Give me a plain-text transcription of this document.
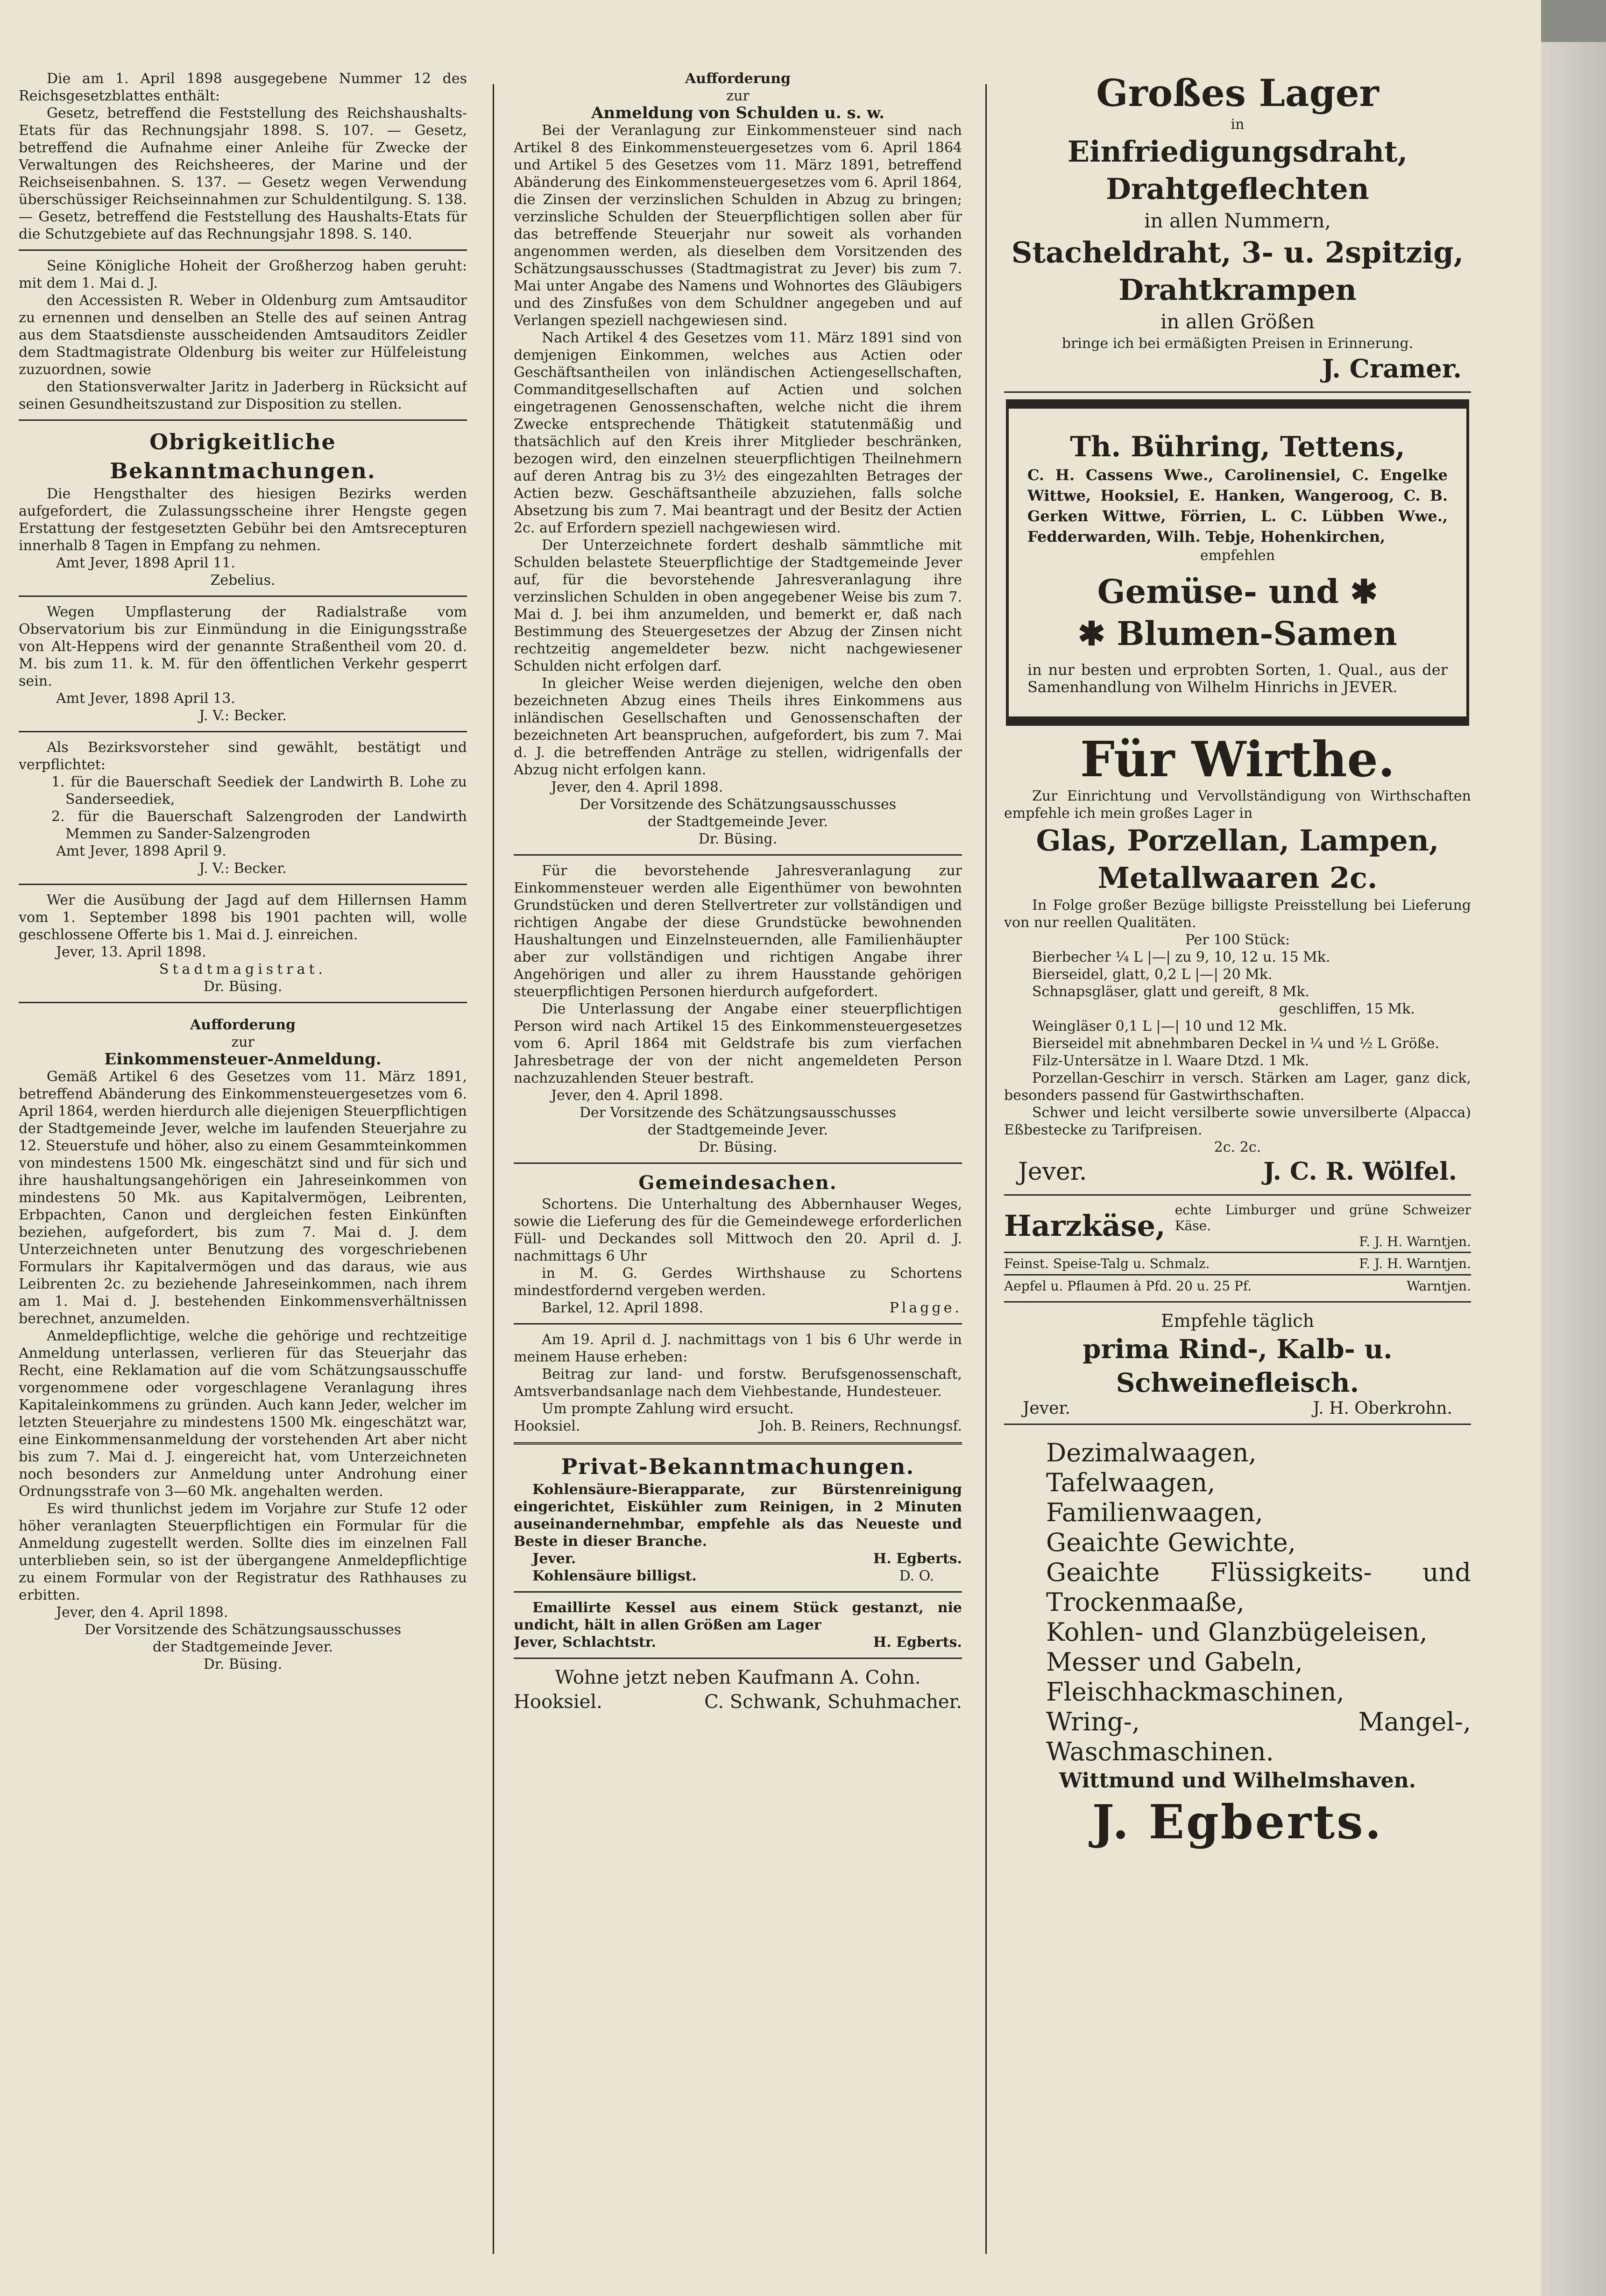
Die am 1. April 1898 ausgegebene Nummer 12 des Reichsgesetzblattes enthält:

Gesetz, betreffend die Feststellung des Reichshaushalts-Etats für das Rechnungsjahr 1898. S. 107. — Gesetz, betreffend die Aufnahme einer Anleihe für Zwecke der Verwaltungen des Reichsheeres, der Marine und der Reichseisenbahnen. S. 137. — Gesetz wegen Verwendung überschüssiger Reichseinnahmen zur Schuldentilgung. S. 138. — Gesetz, betreffend die Feststellung des Haushalts-Etats für die Schutzgebiete auf das Rechnungsjahr 1898. S. 140.

Seine Königliche Hoheit der Großherzog haben geruht: mit dem 1. Mai d. J.

den Accessisten R. Weber in Oldenburg zum Amtsauditor zu ernennen und denselben an Stelle des auf seinen Antrag aus dem Staatsdienste ausscheidenden Amtsauditors Zeidler dem Stadtmagistrate Oldenburg bis weiter zur Hülfeleistung zuzuordnen, sowie

den Stationsverwalter Jaritz in Jaderberg in Rücksicht auf seinen Gesundheitszustand zur Disposition zu stellen.

Obrigkeitliche Bekanntmachungen.

Die Hengsthalter des hiesigen Bezirks werden aufgefordert, die Zulassungsscheine ihrer Hengste gegen Erstattung der festgesetzten Gebühr bei den Amtsrecepturen innerhalb 8 Tagen in Empfang zu nehmen.

Amt Jever, 1898 April 11.

Zebelius.

Wegen Umpflasterung der Radialstraße vom Observatorium bis zur Einmündung in die Einigungsstraße von Alt-Heppens wird der genannte Straßentheil vom 20. d. M. bis zum 11. k. M. für den öffentlichen Verkehr gesperrt sein.

Amt Jever, 1898 April 13.

J. V.: Becker.

Als Bezirksvorsteher sind gewählt, bestätigt und verpflichtet:

1. für die Bauerschaft Seediek der Landwirth B. Lohe zu Sanderseediek,

2. für die Bauerschaft Salzengroden der Landwirth Memmen zu Sander-Salzengroden

Amt Jever, 1898 April 9.

J. V.: Becker.

Wer die Ausübung der Jagd auf dem Hillernsen Hamm vom 1. September 1898 bis 1901 pachten will, wolle geschlossene Offerte bis 1. Mai d. J. einreichen.

Jever, 13. April 1898.

Stadtmagistrat.

Dr. Büsing.

Aufforderung

zur

Einkommensteuer-Anmeldung.

Gemäß Artikel 6 des Gesetzes vom 11. März 1891, betreffend Abänderung des Einkommensteuergesetzes vom 6. April 1864, werden hierdurch alle diejenigen Steuerpflichtigen der Stadtgemeinde Jever, welche im laufenden Steuerjahre zu 12. Steuerstufe und höher, also zu einem Gesammteinkommen von mindestens 1500 Mk. eingeschätzt sind und für sich und ihre haushaltungsangehörigen ein Jahreseinkommen von mindestens 50 Mk. aus Kapitalvermögen, Leibrenten, Erbpachten, Canon und dergleichen festen Einkünften beziehen, aufgefordert, bis zum 7. Mai d. J. dem Unterzeichneten unter Benutzung des vorgeschriebenen Formulars ihr Kapitalvermögen und das daraus, wie aus Leibrenten 2c. zu beziehende Jahreseinkommen, nach ihrem am 1. Mai d. J. bestehenden Einkommensverhältnissen berechnet, anzumelden.

Anmeldepflichtige, welche die gehörige und rechtzeitige Anmeldung unterlassen, verlieren für das Steuerjahr das Recht, eine Reklamation auf die vom Schätzungsausschuffe vorgenommene oder vorgeschlagene Veranlagung ihres Kapitaleinkommens zu gründen. Auch kann Jeder, welcher im letzten Steuerjahre zu mindestens 1500 Mk. eingeschätzt war, eine Einkommensanmeldung der vorstehenden Art aber nicht bis zum 7. Mai d. J. eingereicht hat, vom Unterzeichneten noch besonders zur Anmeldung unter Androhung einer Ordnungsstrafe von 3—60 Mk. angehalten werden.

Es wird thunlichst jedem im Vorjahre zur Stufe 12 oder höher veranlagten Steuerpflichtigen ein Formular für die Anmeldung zugestellt werden. Sollte dies im einzelnen Fall unterblieben sein, so ist der übergangene Anmeldepflichtige zu einem Formular von der Registratur des Rathhauses zu erbitten.

Jever, den 4. April 1898.

Der Vorsitzende des Schätzungsausschusses

der Stadtgemeinde Jever.

Dr. Büsing.

Aufforderung

zur

Anmeldung von Schulden u. s. w.

Bei der Veranlagung zur Einkommensteuer sind nach Artikel 8 des Einkommensteuergesetzes vom 6. April 1864 und Artikel 5 des Gesetzes vom 11. März 1891, betreffend Abänderung des Einkommensteuergesetzes vom 6. April 1864, die Zinsen der verzinslichen Schulden in Abzug zu bringen; verzinsliche Schulden der Steuerpflichtigen sollen aber für das betreffende Steuerjahr nur soweit als vorhanden angenommen werden, als dieselben dem Vorsitzenden des Schätzungsausschusses (Stadtmagistrat zu Jever) bis zum 7. Mai unter Angabe des Namens und Wohnortes des Gläubigers und des Zinsfußes von dem Schuldner angegeben und auf Verlangen speziell nachgewiesen sind.

Nach Artikel 4 des Gesetzes vom 11. März 1891 sind von demjenigen Einkommen, welches aus Actien oder Geschäftsantheilen von inländischen Actiengesellschaften, Commanditgesellschaften auf Actien und solchen eingetragenen Genossenschaften, welche nicht die ihrem Zwecke entsprechende Thätigkeit statutenmäßig und thatsächlich auf den Kreis ihrer Mitglieder beschränken, bezogen wird, den einzelnen steuerpflichtigen Theilnehmern auf deren Antrag bis zu 3½ des eingezahlten Betrages der Actien bezw. Geschäftsantheile abzuziehen, falls solche Absetzung bis zum 7. Mai beantragt und der Besitz der Actien 2c. auf Erfordern speziell nachgewiesen wird.

Der Unterzeichnete fordert deshalb sämmtliche mit Schulden belastete Steuerpflichtige der Stadtgemeinde Jever auf, für die bevorstehende Jahresveranlagung ihre verzinslichen Schulden in oben angegebener Weise bis zum 7. Mai d. J. bei ihm anzumelden, und bemerkt er, daß nach Bestimmung des Steuergesetzes der Abzug der Zinsen nicht rechtzeitig angemeldeter bezw. nicht nachgewiesener Schulden nicht erfolgen darf.

In gleicher Weise werden diejenigen, welche den oben bezeichneten Abzug eines Theils ihres Einkommens aus inländischen Gesellschaften und Genossenschaften der bezeichneten Art beanspruchen, aufgefordert, bis zum 7. Mai d. J. die betreffenden Anträge zu stellen, widrigenfalls der Abzug nicht erfolgen kann.

Jever, den 4. April 1898.

Der Vorsitzende des Schätzungsausschusses

der Stadtgemeinde Jever.

Dr. Büsing.

Für die bevorstehende Jahresveranlagung zur Einkommensteuer werden alle Eigenthümer von bewohnten Grundstücken und deren Stellvertreter zur vollständigen und richtigen Angabe der diese Grundstücke bewohnenden Haushaltungen und Einzelnsteuernden, alle Familienhäupter aber zur vollständigen und richtigen Angabe ihrer Angehörigen und aller zu ihrem Hausstande gehörigen steuerpflichtigen Personen hierdurch aufgefordert.

Die Unterlassung der Angabe einer steuerpflichtigen Person wird nach Artikel 15 des Einkommensteuergesetzes vom 6. April 1864 mit Geldstrafe bis zum vierfachen Jahresbetrage der von der nicht angemeldeten Person nachzuzahlenden Steuer bestraft.

Jever, den 4. April 1898.

Der Vorsitzende des Schätzungsausschusses

der Stadtgemeinde Jever.

Dr. Büsing.

Gemeindesachen.

Schortens. Die Unterhaltung des Abbernhauser Weges, sowie die Lieferung des für die Gemeindewege erforderlichen Füll- und Deckandes soll Mittwoch den 20. April d. J. nachmittags 6 Uhr

in M. G. Gerdes Wirthshause zu Schortens mindestfordernd vergeben werden.

Barkel, 12. April 1898.	Plagge.

Am 19. April d. J. nachmittags von 1 bis 6 Uhr werde in meinem Hause erheben:

Beitrag zur land- und forstw. Berufsgenossenschaft, Amtsverbandsanlage nach dem Viehbestande, Hundesteuer.

Um prompte Zahlung wird ersucht.

Hooksiel.	Joh. B. Reiners, Rechnungsf.

Privat-Bekanntmachungen.

Kohlensäure-Bierapparate, zur Bürstenreinigung eingerichtet, Eiskühler zum Reinigen, in 2 Minuten auseinandernehmbar, empfehle als das Neueste und Beste in dieser Branche.

Jever.	H. Egberts.

Kohlensäure billigst.	D. O.

Emaillirte Kessel aus einem Stück gestanzt, nie undicht, hält in allen Größen am Lager

Jever, Schlachtstr.	H. Egberts.

Wohne jetzt neben Kaufmann A. Cohn.

Hooksiel.	C. Schwank, Schuhmacher.

Großes Lager

in

Einfriedigungsdraht,

Drahtgeflechten

in allen Nummern,

Stacheldraht, 3- u. 2spitzig,

Drahtkrampen

in allen Größen

bringe ich bei ermäßigten Preisen in Erinnerung.

J. Cramer.

Th. Bühring, Tettens,

C. H. Cassens Wwe., Carolinensiel, C. Engelke Wittwe, Hooksiel, E. Hanken, Wangeroog, C. B. Gerken Wittwe, Förrien, L. C. Lübben Wwe., Fedderwarden, Wilh. Tebje, Hohenkirchen,

empfehlen

Gemüse- und ✱

✱ Blumen-Samen

in nur besten und erprobten Sorten, 1. Qual., aus der Samenhandlung von Wilhelm Hinrichs in JEVER.

Für Wirthe.

Zur Einrichtung und Vervollständigung von Wirthschaften empfehle ich mein großes Lager in

Glas, Porzellan, Lampen,

Metallwaaren 2c.

In Folge großer Bezüge billigste Preisstellung bei Lieferung von nur reellen Qualitäten.

Per 100 Stück:

Bierbecher ¼ L |—| zu 9, 10, 12 u. 15 Mk.

Bierseidel, glatt, 0,2 L |—| 20 Mk.

Schnapsgläser, glatt und gereift, 8 Mk.

geschliffen, 15 Mk.

Weingläser 0,1 L |—| 10 und 12 Mk.

Bierseidel mit abnehmbaren Deckel in ¼ und ½ L Größe.

Filz-Untersätze in l. Waare Dtzd. 1 Mk.

Porzellan-Geschirr in versch. Stärken am Lager, ganz dick, besonders passend für Gastwirthschaften.

Schwer und leicht versilberte sowie unversilberte (Alpacca) Eßbestecke zu Tarifpreisen.

2c. 2c.

Jever.	J. C. R. Wölfel.

Harzkäse, echte Limburger und grüne Schweizer Käse.

F. J. H. Warntjen.

Feinst. Speise-Talg u. Schmalz.	F. J. H. Warntjen.

Aepfel u. Pflaumen à Pfd. 20 u. 25 Pf.	Warntjen.

Empfehle täglich

prima Rind-, Kalb- u. Schweinefleisch.

Jever.	J. H. Oberkrohn.

Dezimalwaagen,

Tafelwaagen,

Familienwaagen,

Geaichte Gewichte,

Geaichte Flüssigkeits- und Trockenmaaße,

Kohlen- und Glanzbügeleisen,

Messer und Gabeln,

Fleischhackmaschinen,

Wring-, Mangel-, Waschmaschinen.

Wittmund und Wilhelmshaven.

J. Egberts.
